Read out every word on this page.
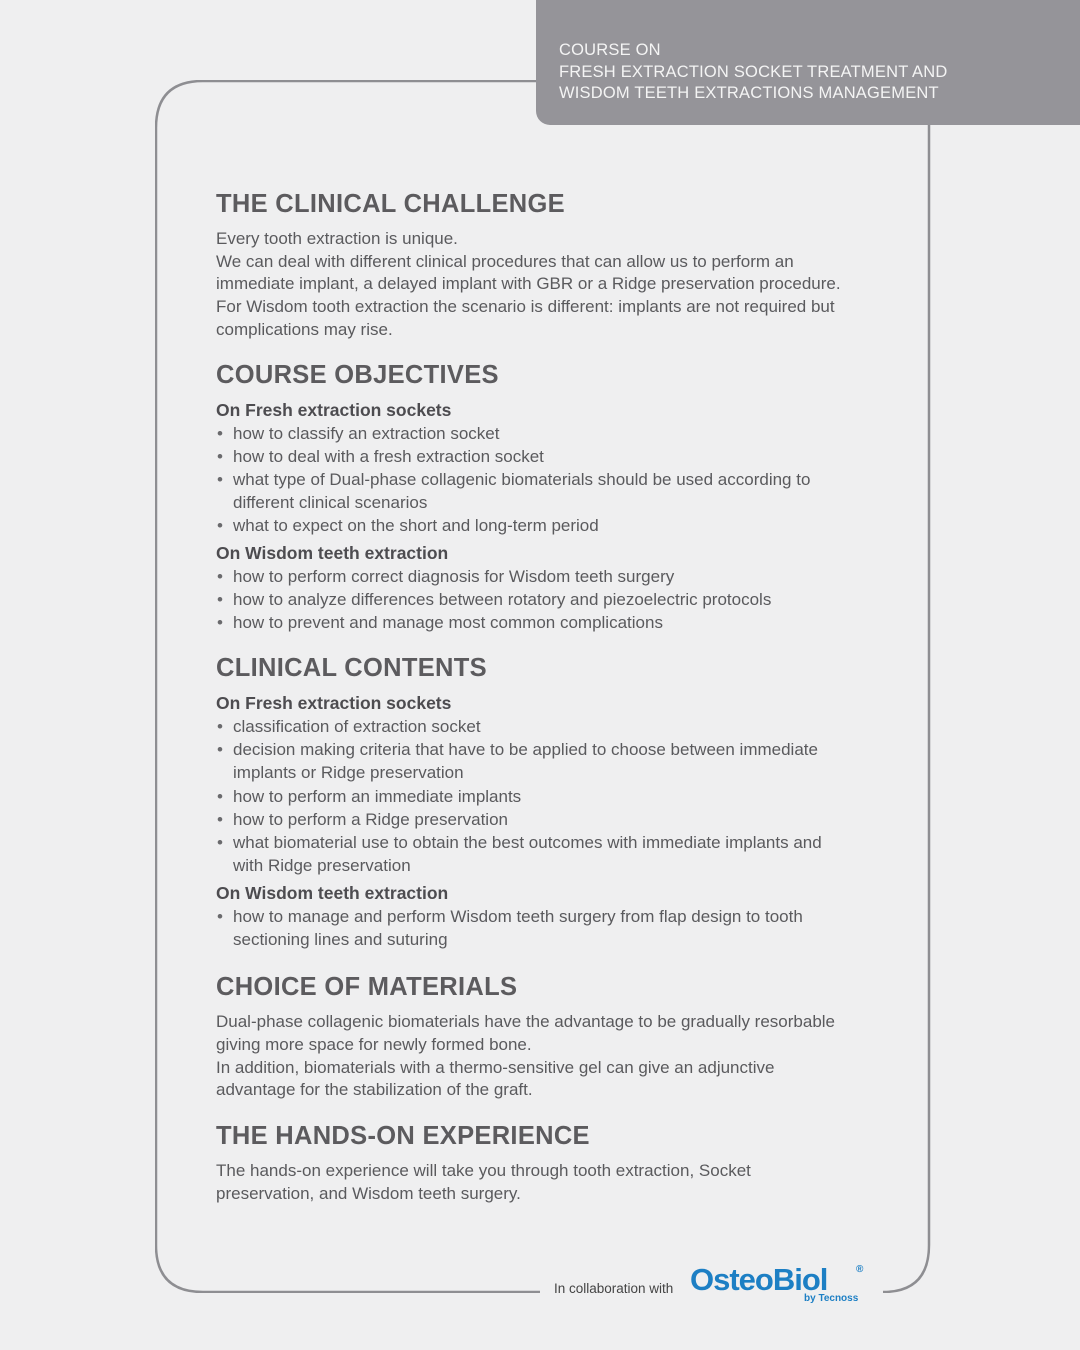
COURSE ON
FRESH EXTRACTION SOCKET TREATMENT AND
WISDOM TEETH EXTRACTIONS MANAGEMENT
THE CLINICAL CHALLENGE
Every tooth extraction is unique.
We can deal with different clinical procedures that can allow us to perform an
immediate implant, a delayed implant with GBR or a Ridge preservation procedure.
For Wisdom tooth extraction the scenario is different: implants are not required but
complications may rise.
COURSE OBJECTIVES
On Fresh extraction sockets
• how to classify an extraction socket
• how to deal with a fresh extraction socket
• what type of Dual-phase collagenic biomaterials should be used according to
different clinical scenarios
• what to expect on the short and long-term period
On Wisdom teeth extraction
• how to perform correct diagnosis for Wisdom teeth surgery
• how to analyze differences between rotatory and piezoelectric protocols
• how to prevent and manage most common complications
CLINICAL CONTENTS
On Fresh extraction sockets
• classification of extraction socket
• decision making criteria that have to be applied to choose between immediate
implants or Ridge preservation
• how to perform an immediate implants
• how to perform a Ridge preservation
• what biomaterial use to obtain the best outcomes with immediate implants and
with Ridge preservation
On Wisdom teeth extraction
• how to manage and perform Wisdom teeth surgery from flap design to tooth
sectioning lines and suturing
CHOICE OF MATERIALS
Dual-phase collagenic biomaterials have the advantage to be gradually resorbable
giving more space for newly formed bone.
In addition, biomaterials with a thermo-sensitive gel can give an adjunctive
advantage for the stabilization of the graft.
THE HANDS-ON EXPERIENCE
The hands-on experience will take you through tooth extraction, Socket
preservation, and Wisdom teeth surgery.
In collaboration with OsteoBiol	®
by Tecnoss
